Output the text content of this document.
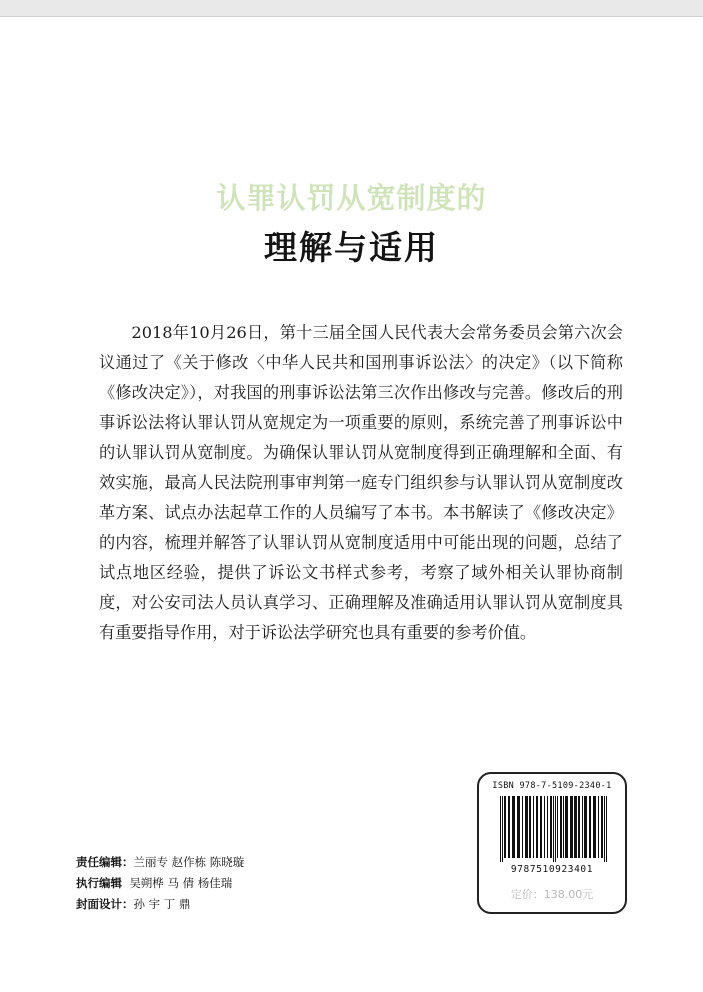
认罪认罚从宽制度的
理解与适用

2018年10月26日，第十三届全国人民代表大会常务委员会第六次会议通过了《关于修改〈中华人民共和国刑事诉讼法〉的决定》（以下简称《修改决定》），对我国的刑事诉讼法第三次作出修改与完善。修改后的刑事诉讼法将认罪认罚从宽规定为一项重要的原则，系统完善了刑事诉讼中的认罪认罚从宽制度。为确保认罪认罚从宽制度得到正确理解和全面、有效实施，最高人民法院刑事审判第一庭专门组织参与认罪认罚从宽制度改革方案、试点办法起草工作的人员编写了本书。本书解读了《修改决定》的内容，梳理并解答了认罪认罚从宽制度适用中可能出现的问题，总结了试点地区经验，提供了诉讼文书样式参考，考察了域外相关认罪协商制度，对公安司法人员认真学习、正确理解及准确适用认罪认罚从宽制度具有重要指导作用，对于诉讼法学研究也具有重要的参考价值。

责任编辑：兰丽专 赵作栋 陈晓璇
执行编辑 吴朔桦 马 倩 杨佳瑞
封面设计：孙 宇 丁 鼎
ISBN 978-7-5109-2340-1
9787510923401
定价：138.00元
